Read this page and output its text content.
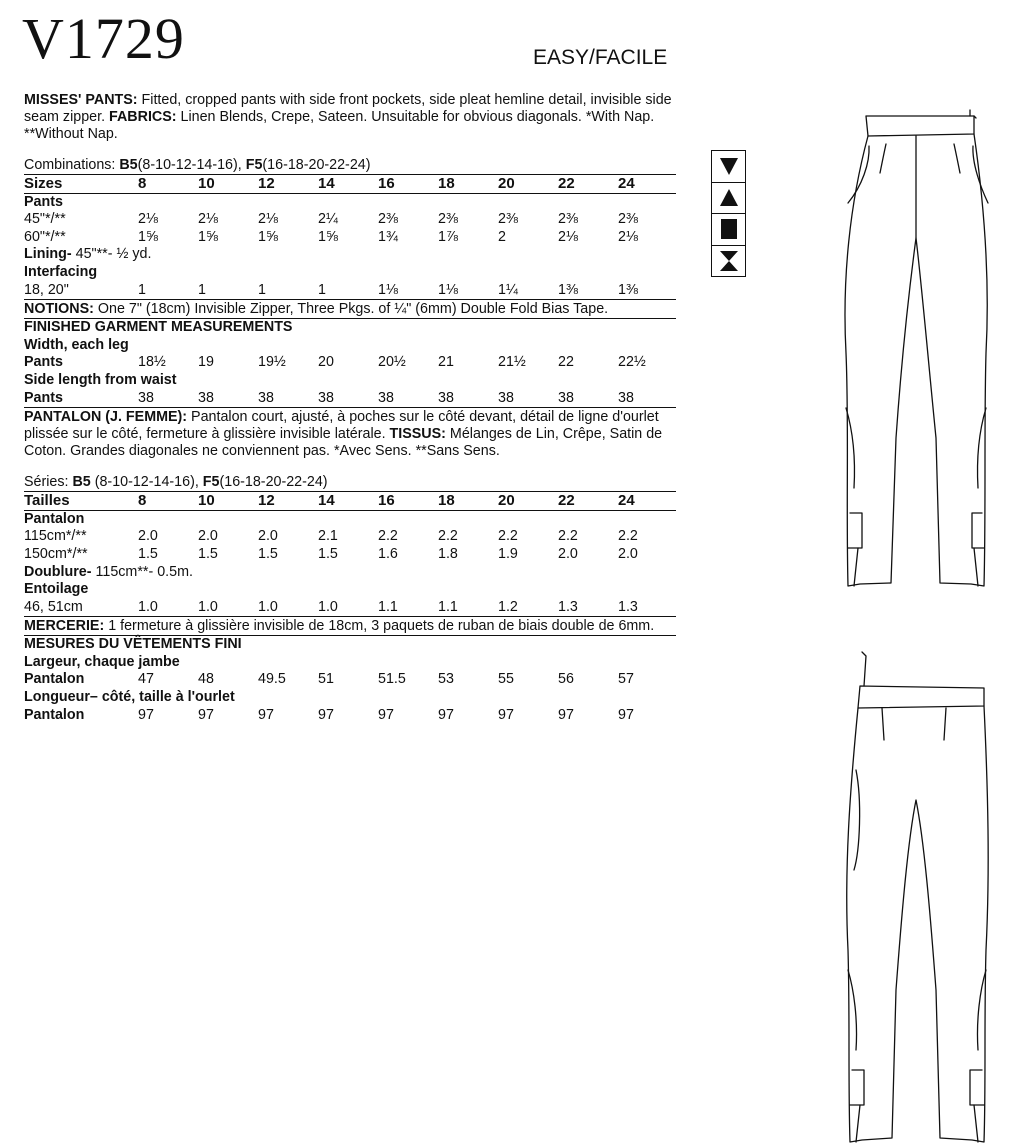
V1729	EASY/FACILE

MISSES' PANTS: Fitted, cropped pants with side front pockets, side pleat hemline detail, invisible side seam zipper. FABRICS: Linen Blends, Crepe, Sateen. Unsuitable for obvious diagonals. *With Nap. **Without Nap.

Combinations: B5(8-10-12-14-16), F5(16-18-20-22-24)

Sizes	8	10	12	14	16	18	20	22	24
Pants									
45"*/**	2⅛	2⅛	2⅛	2¼	2⅜	2⅜	2⅜	2⅜	2⅜
60"*/**	1⅝	1⅝	1⅝	1⅝	1¾	1⅞	2	2⅛	2⅛
Lining- 45"**- ½ yd.									
Interfacing									
18, 20"	1	1	1	1	1⅛	1⅛	1¼	1⅜	1⅜

NOTIONS: One 7" (18cm) Invisible Zipper, Three Pkgs. of ¼" (6mm) Double Fold Bias Tape.

FINISHED GARMENT MEASUREMENTS									
Width, each leg									
Pants	18½	19	19½	20	20½	21	21½	22	22½
Side length from waist									
Pants	38	38	38	38	38	38	38	38	38

PANTALON (J. FEMME): Pantalon court, ajusté, à poches sur le côté devant, détail de ligne d'ourlet plissée sur le côté, fermeture à glissière invisible latérale. TISSUS: Mélanges de Lin, Crêpe, Satin de Coton. Grandes diagonales ne conviennent pas. *Avec Sens. **Sans Sens.

Séries: B5 (8-10-12-14-16), F5(16-18-20-22-24)

Tailles	8	10	12	14	16	18	20	22	24
Pantalon									
115cm*/**	2.0	2.0	2.0	2.1	2.2	2.2	2.2	2.2	2.2
150cm*/**	1.5	1.5	1.5	1.5	1.6	1.8	1.9	2.0	2.0
Doublure- 115cm**- 0.5m.									
Entoilage									
46, 51cm	1.0	1.0	1.0	1.0	1.1	1.1	1.2	1.3	1.3

MERCERIE: 1 fermeture à glissière invisible de 18cm, 3 paquets de ruban de biais double de 6mm.

MESURES DU VÊTEMENTS FINI									
Largeur, chaque jambe									
Pantalon	47	48	49.5	51	51.5	53	55	56	57
Longueur– côté, taille à l'ourlet									
Pantalon	97	97	97	97	97	97	97	97	97
